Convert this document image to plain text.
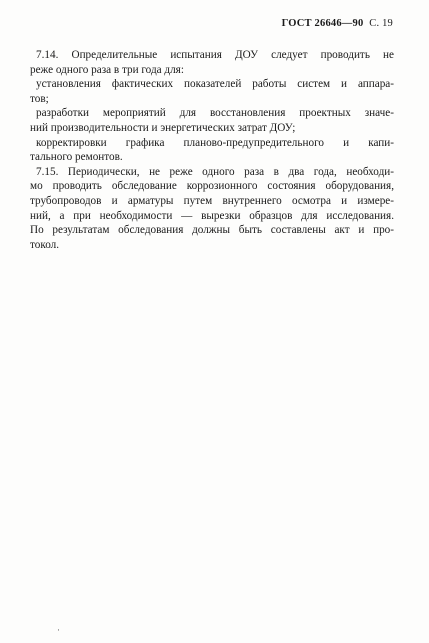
ГОСТ 26646—90 С. 19
7.14. Определительные испытания ДОУ следует проводить не
реже одного раза в три года для:
установления фактических показателей работы систем и аппара-
тов;
разработки мероприятий для восстановления проектных значе-
ний производительности и энергетических затрат ДОУ;
корректировки графика планово-предупредительного и капи-
тального ремонтов.
7.15. Периодически, не реже одного раза в два года, необходи-
мо проводить обследование коррозионного состояния оборудования,
трубопроводов и арматуры путем внутреннего осмотра и измере-
ний, а при необходимости — вырезки образцов для исследования.
По результатам обследования должны быть составлены акт и про-
токол.
·
